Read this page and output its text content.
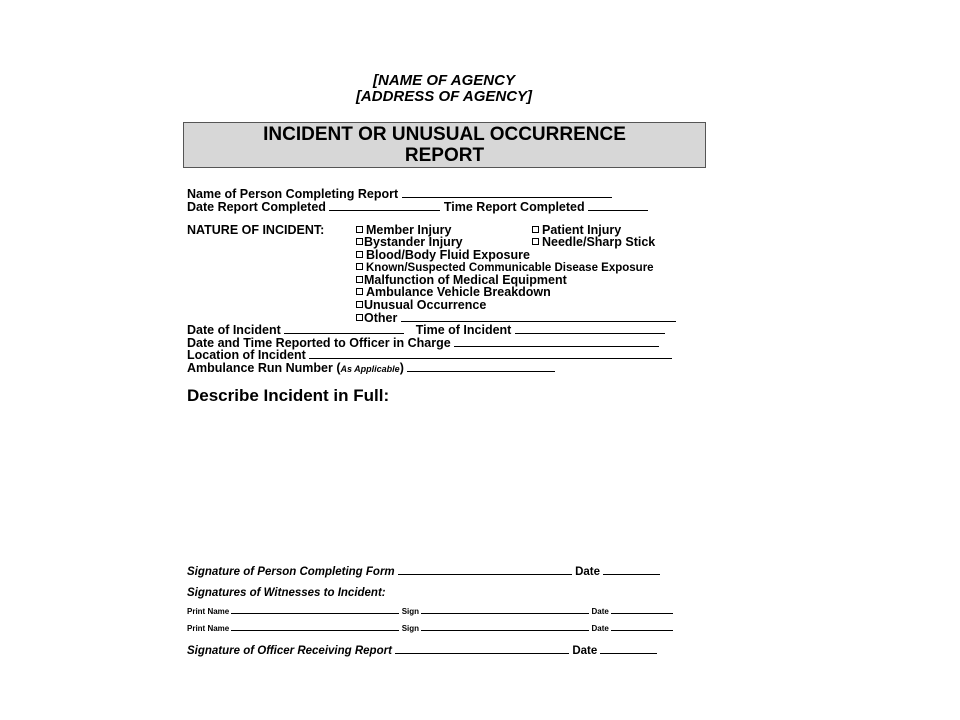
[NAME OF AGENCY
[ADDRESS OF AGENCY]
INCIDENT OR UNUSUAL OCCURRENCE
REPORT
Name of Person Completing Report
Date Report Completed	Time Report Completed
NATURE OF INCIDENT:	Member Injury	Patient Injury
Bystander Injury	Needle/Sharp Stick
Blood/Body Fluid Exposure
Known/Suspected Communicable Disease Exposure
Malfunction of Medical Equipment
Ambulance Vehicle Breakdown
Unusual Occurrence
Other
Date of Incident	Time of Incident
Date and Time Reported to Officer in Charge
Location of Incident
Ambulance Run Number (As Applicable)
Describe Incident in Full:
Signature of Person Completing Form	Date
Signatures of Witnesses to Incident:
Print Name	Sign	Date
Print Name	Sign	Date
Signature of Officer Receiving Report	Date
